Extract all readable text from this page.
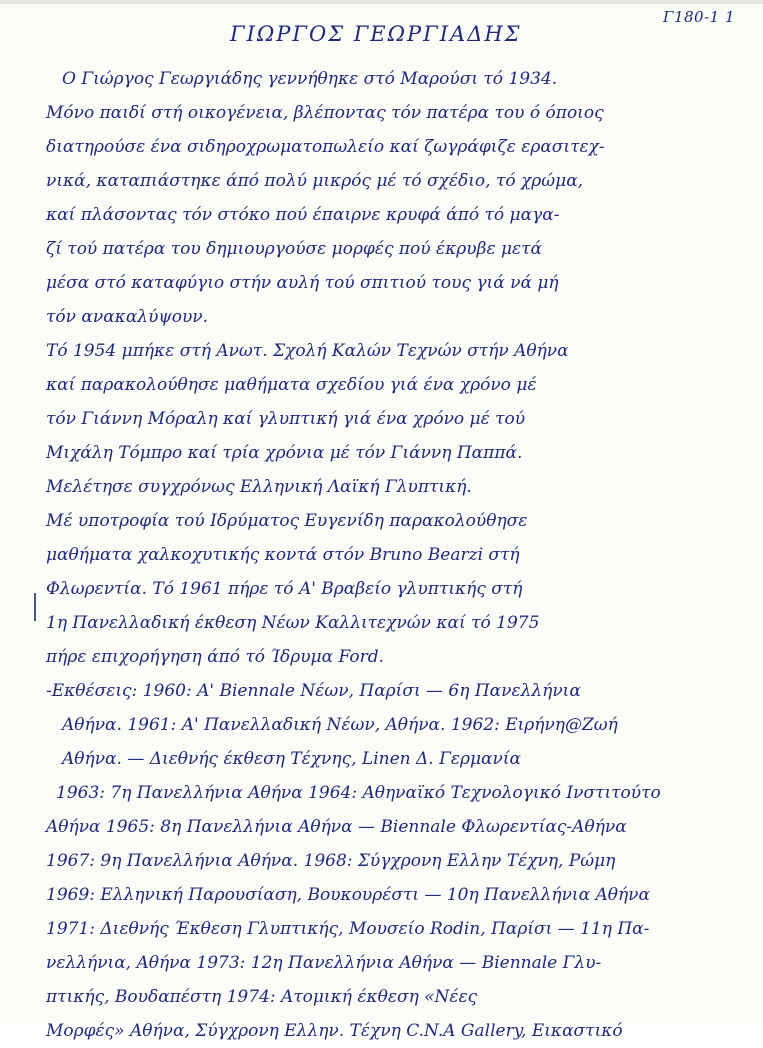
Γ180-1 1
ΓΙΩΡΓΟΣ ΓΕΩΡΓΙΑΔΗΣ
Ο Γιώργος Γεωργιάδης γεννήθηκε στό Μαρούσι τό 1934.
Μόνο παιδί στή οικογένεια, βλέποντας τόν πατέρα του ό όποιος
διατηρούσε ένα σιδηροχρωματοπωλείο καί ζωγράφιζε ερασιτεχ-
νικά, καταπιάστηκε άπό πολύ μικρός μέ τό σχέδιο, τό χρώμα,
καί πλάσοντας τόν στόκο πού έπαιρνε κρυφά άπό τό μαγα-
ζί τού πατέρα του δημιουργούσε μορφές πού έκρυβε μετά
μέσα στό καταφύγιο στήν αυλή τού σπιτιού τους γιά νά μή
τόν ανακαλύψουν.
Τό 1954 μπήκε στή Ανωτ. Σχολή Καλών Τεχνών στήν Αθήνα
καί παρακολούθησε μαθήματα σχεδίου γιά ένα χρόνο μέ
τόν Γιάννη Μόραλη καί γλυπτική γιά ένα χρόνο μέ τού
Μιχάλη Τόμπρο καί τρία χρόνια μέ τόν Γιάννη Παππά.
Μελέτησε συγχρόνως Ελληνική Λαϊκή Γλυπτική.
Μέ υποτροφία τού Ιδρύματος Ευγενίδη παρακολούθησε
μαθήματα χαλκοχυτικής κοντά στόν Bruno Bearzi στή
Φλωρεντία. Τό 1961 πήρε τό Α' Βραβείο γλυπτικής στή
1η Πανελλαδική έκθεση Νέων Καλλιτεχνών καί τό 1975
πήρε επιχορήγηση άπό τό Ίδρυμα Ford.
-Εκθέσεις: 1960: Α' Biennale Νέων, Παρίσι — 6η Πανελλήνια
Αθήνα. 1961: Α' Πανελλαδική Νέων, Αθήνα. 1962: Ειρήνη@Ζωή
Αθήνα. — Διεθνής έκθεση Τέχνης, Linen Δ. Γερμανία
1963: 7η Πανελλήνια Αθήνα 1964: Αθηναϊκό Τεχνολογικό Ινστιτούτο
Αθήνα 1965: 8η Πανελλήνια Αθήνα — Biennale Φλωρεντίας-Αθήνα
1967: 9η Πανελλήνια Αθήνα. 1968: Σύγχρονη Ελλην Τέχνη, Ρώμη
1969: Ελληνική Παρουσίαση, Βουκουρέστι — 10η Πανελλήνια Αθήνα
1971: Διεθνής Έκθεση Γλυπτικής, Μουσείο Rodin, Παρίσι — 11η Πα-
νελλήνια, Αθήνα 1973: 12η Πανελλήνια Αθήνα — Biennale Γλυ-
πτικής, Βουδαπέστη 1974: Ατομική έκθεση «Νέες
Μορφές» Αθήνα, Σύγχρονη Ελλην. Τέχνη C.N.A Gallery, Εικαστικό
